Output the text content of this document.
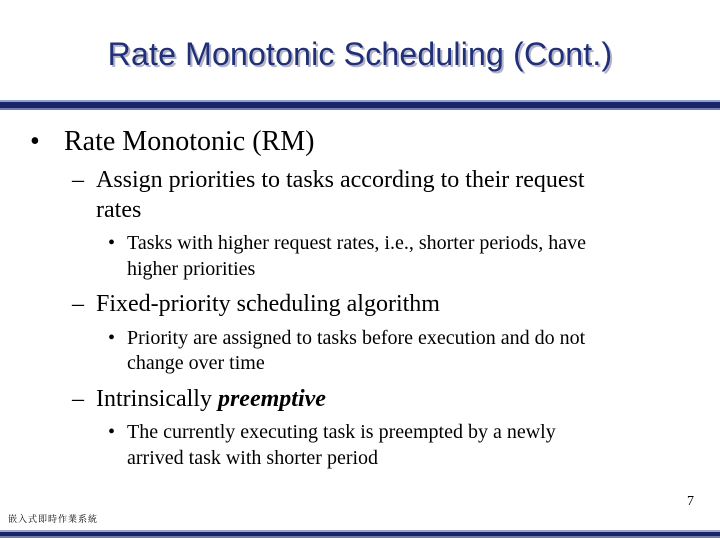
Rate Monotonic Scheduling (Cont.)
• Rate Monotonic (RM)
– Assign priorities to tasks according to their request
rates
• Tasks with higher request rates, i.e., shorter periods, have
higher priorities
– Fixed-priority scheduling algorithm
• Priority are assigned to tasks before execution and do not
change over time
– Intrinsically preemptive
• The currently executing task is preempted by a newly
arrived task with shorter period
7
嵌入式即時作業系統
